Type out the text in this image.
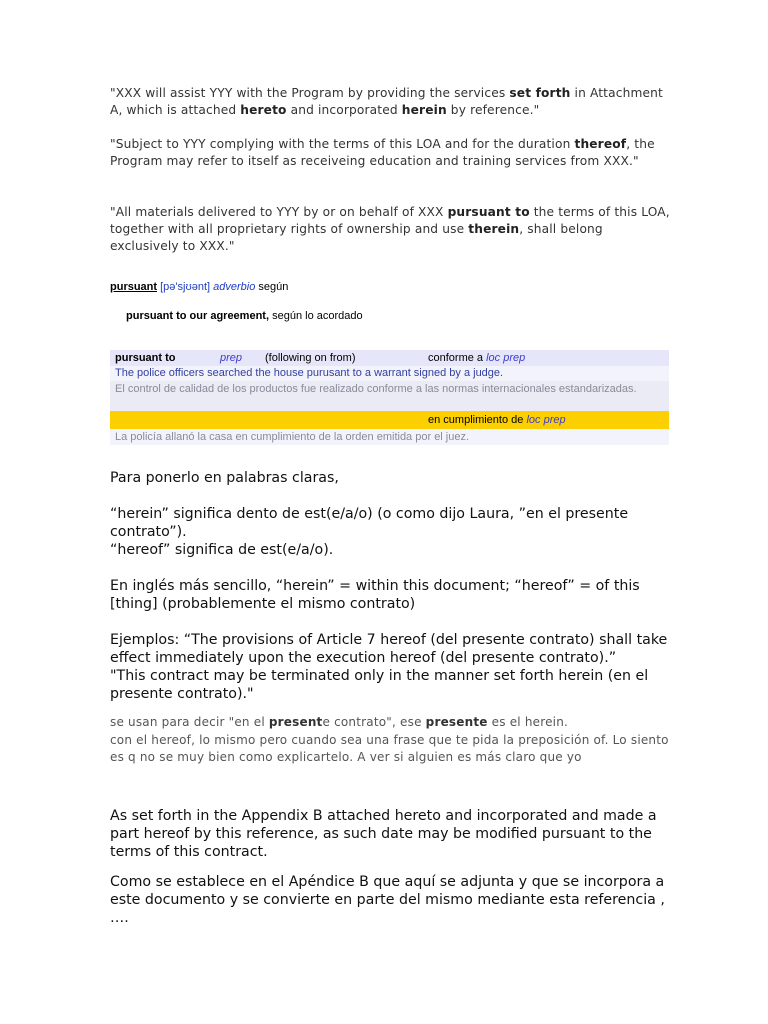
"XXX will assist YYY with the Program by providing the services set forth in Attachment A, which is attached hereto and incorporated herein by reference."
"Subject to YYY complying with the terms of this LOA and for the duration thereof, the Program may refer to itself as receiveing education and training services from XXX."
"All materials delivered to YYY by or on behalf of XXX pursuant to the terms of this LOA, together with all proprietary rights of ownership and use therein, shall belong exclusively to XXX."
pursuant [pə'sjʊənt] adverbio según
pursuant to our agreement, según lo acordado
pursuant to	prep (following on from)	conforme a loc prep
The police officers searched the house purusant to a warrant signed by a judge.
El control de calidad de los productos fue realizado conforme a las normas internacionales estandarizadas.
en cumplimiento de loc prep
La policía allanó la casa en cumplimiento de la orden emitida por el juez.
Para ponerlo en palabras claras,
“herein” significa dento de est(e/a/o) (o como dijo Laura, ”en el presente contrato”).
“hereof” significa de est(e/a/o).
En inglés más sencillo, “herein” = within this document; “hereof” = of this [thing] (probablemente el mismo contrato)
Ejemplos: “The provisions of Article 7 hereof (del presente contrato) shall take effect immediately upon the execution hereof (del presente contrato).”
"This contract may be terminated only in the manner set forth herein (en el presente contrato)."
se usan para decir "en el presente contrato", ese presente es el herein.
con el hereof, lo mismo pero cuando sea una frase que te pida la preposición of. Lo siento es q no se muy bien como explicartelo. A ver si alguien es más claro que yo
As set forth in the Appendix B attached hereto and incorporated and made a part hereof by this reference, as such date may be modified pursuant to the terms of this contract.
Como se establece en el Apéndice B que aquí se adjunta y que se incorpora a este documento y se convierte en parte del mismo mediante esta referencia , ….
